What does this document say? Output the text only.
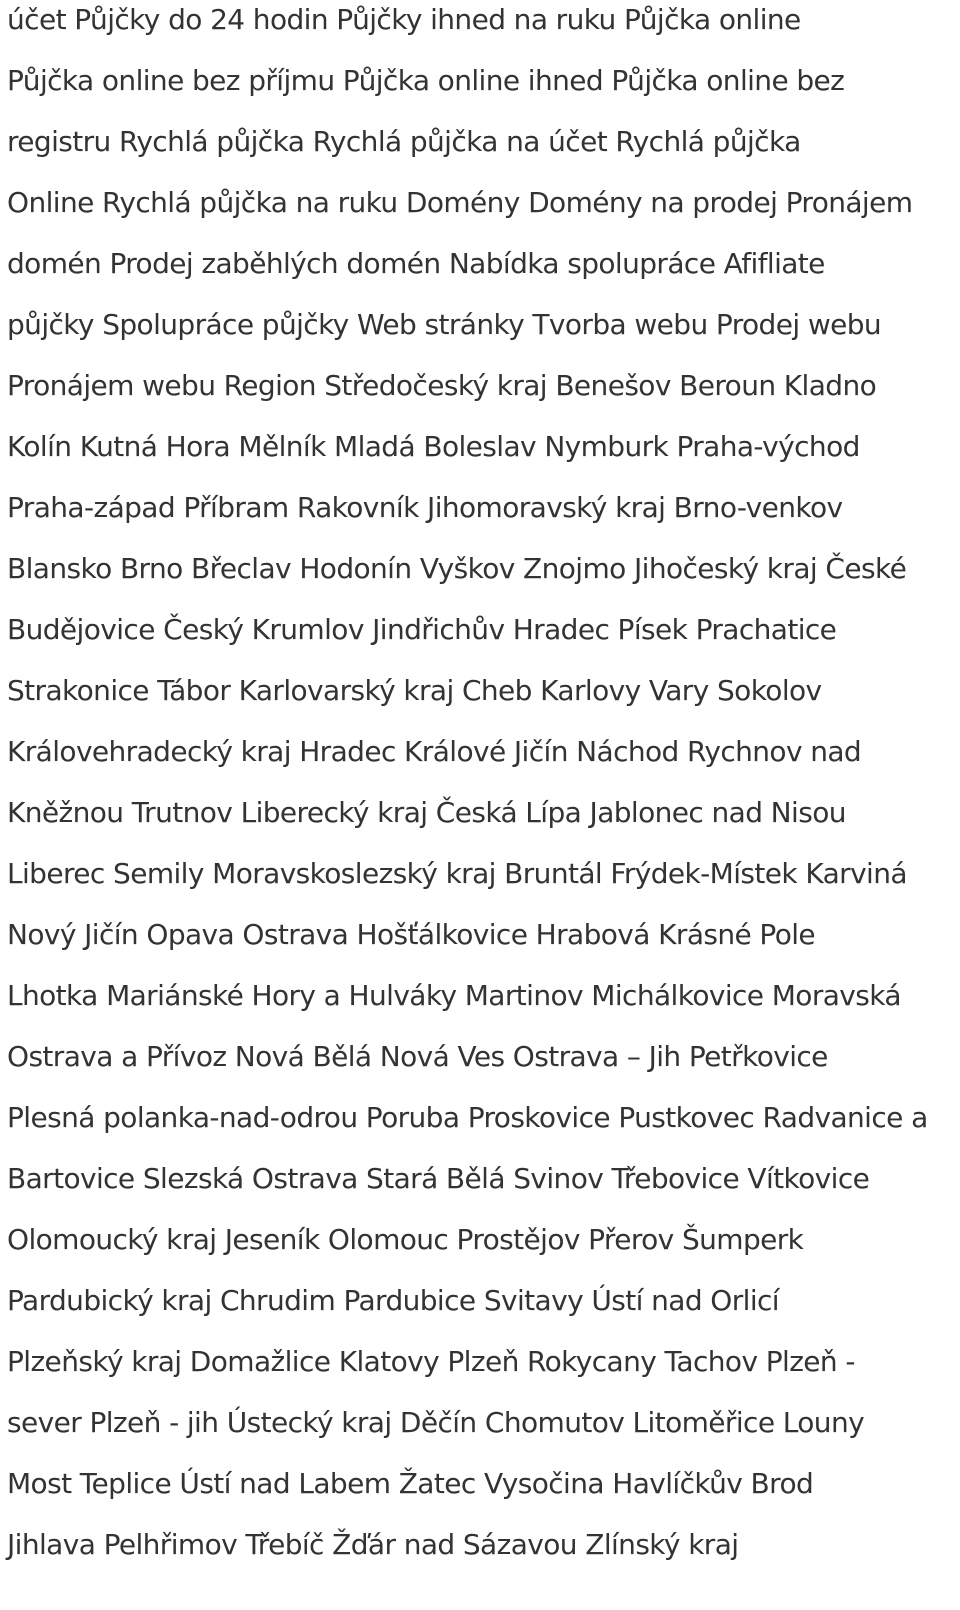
účet Půjčky do 24 hodin Půjčky ihned na ruku Půjčka online
Půjčka online bez příjmu Půjčka online ihned Půjčka online bez
registru Rychlá půjčka Rychlá půjčka na účet Rychlá půjčka
Online Rychlá půjčka na ruku Domény Domény na prodej Pronájem
domén Prodej zaběhlých domén Nabídka spolupráce Afifliate
půjčky Spolupráce půjčky Web stránky Tvorba webu Prodej webu
Pronájem webu Region Středočeský kraj Benešov Beroun Kladno
Kolín Kutná Hora Mělník Mladá Boleslav Nymburk Praha-východ
Praha-západ Příbram Rakovník Jihomoravský kraj Brno-venkov
Blansko Brno Břeclav Hodonín Vyškov Znojmo Jihočeský kraj České
Budějovice Český Krumlov Jindřichův Hradec Písek Prachatice
Strakonice Tábor Karlovarský kraj Cheb Karlovy Vary Sokolov
Královehradecký kraj Hradec Králové Jičín Náchod Rychnov nad
Kněžnou Trutnov Liberecký kraj Česká Lípa Jablonec nad Nisou
Liberec Semily Moravskoslezský kraj Bruntál Frýdek-Místek Karviná
Nový Jičín Opava Ostrava Hošťálkovice Hrabová Krásné Pole
Lhotka Mariánské Hory a Hulváky Martinov Michálkovice Moravská
Ostrava a Přívoz Nová Bělá Nová Ves Ostrava – Jih Petřkovice
Plesná polanka-nad-odrou Poruba Proskovice Pustkovec Radvanice a
Bartovice Slezská Ostrava Stará Bělá Svinov Třebovice Vítkovice
Olomoucký kraj Jeseník Olomouc Prostějov Přerov Šumperk
Pardubický kraj Chrudim Pardubice Svitavy Ústí nad Orlicí
Plzeňský kraj Domažlice Klatovy Plzeň Rokycany Tachov Plzeň -
sever Plzeň - jih Ústecký kraj Děčín Chomutov Litoměřice Louny
Most Teplice Ústí nad Labem Žatec Vysočina Havlíčkův Brod
Jihlava Pelhřimov Třebíč Žďár nad Sázavou Zlínský kraj
